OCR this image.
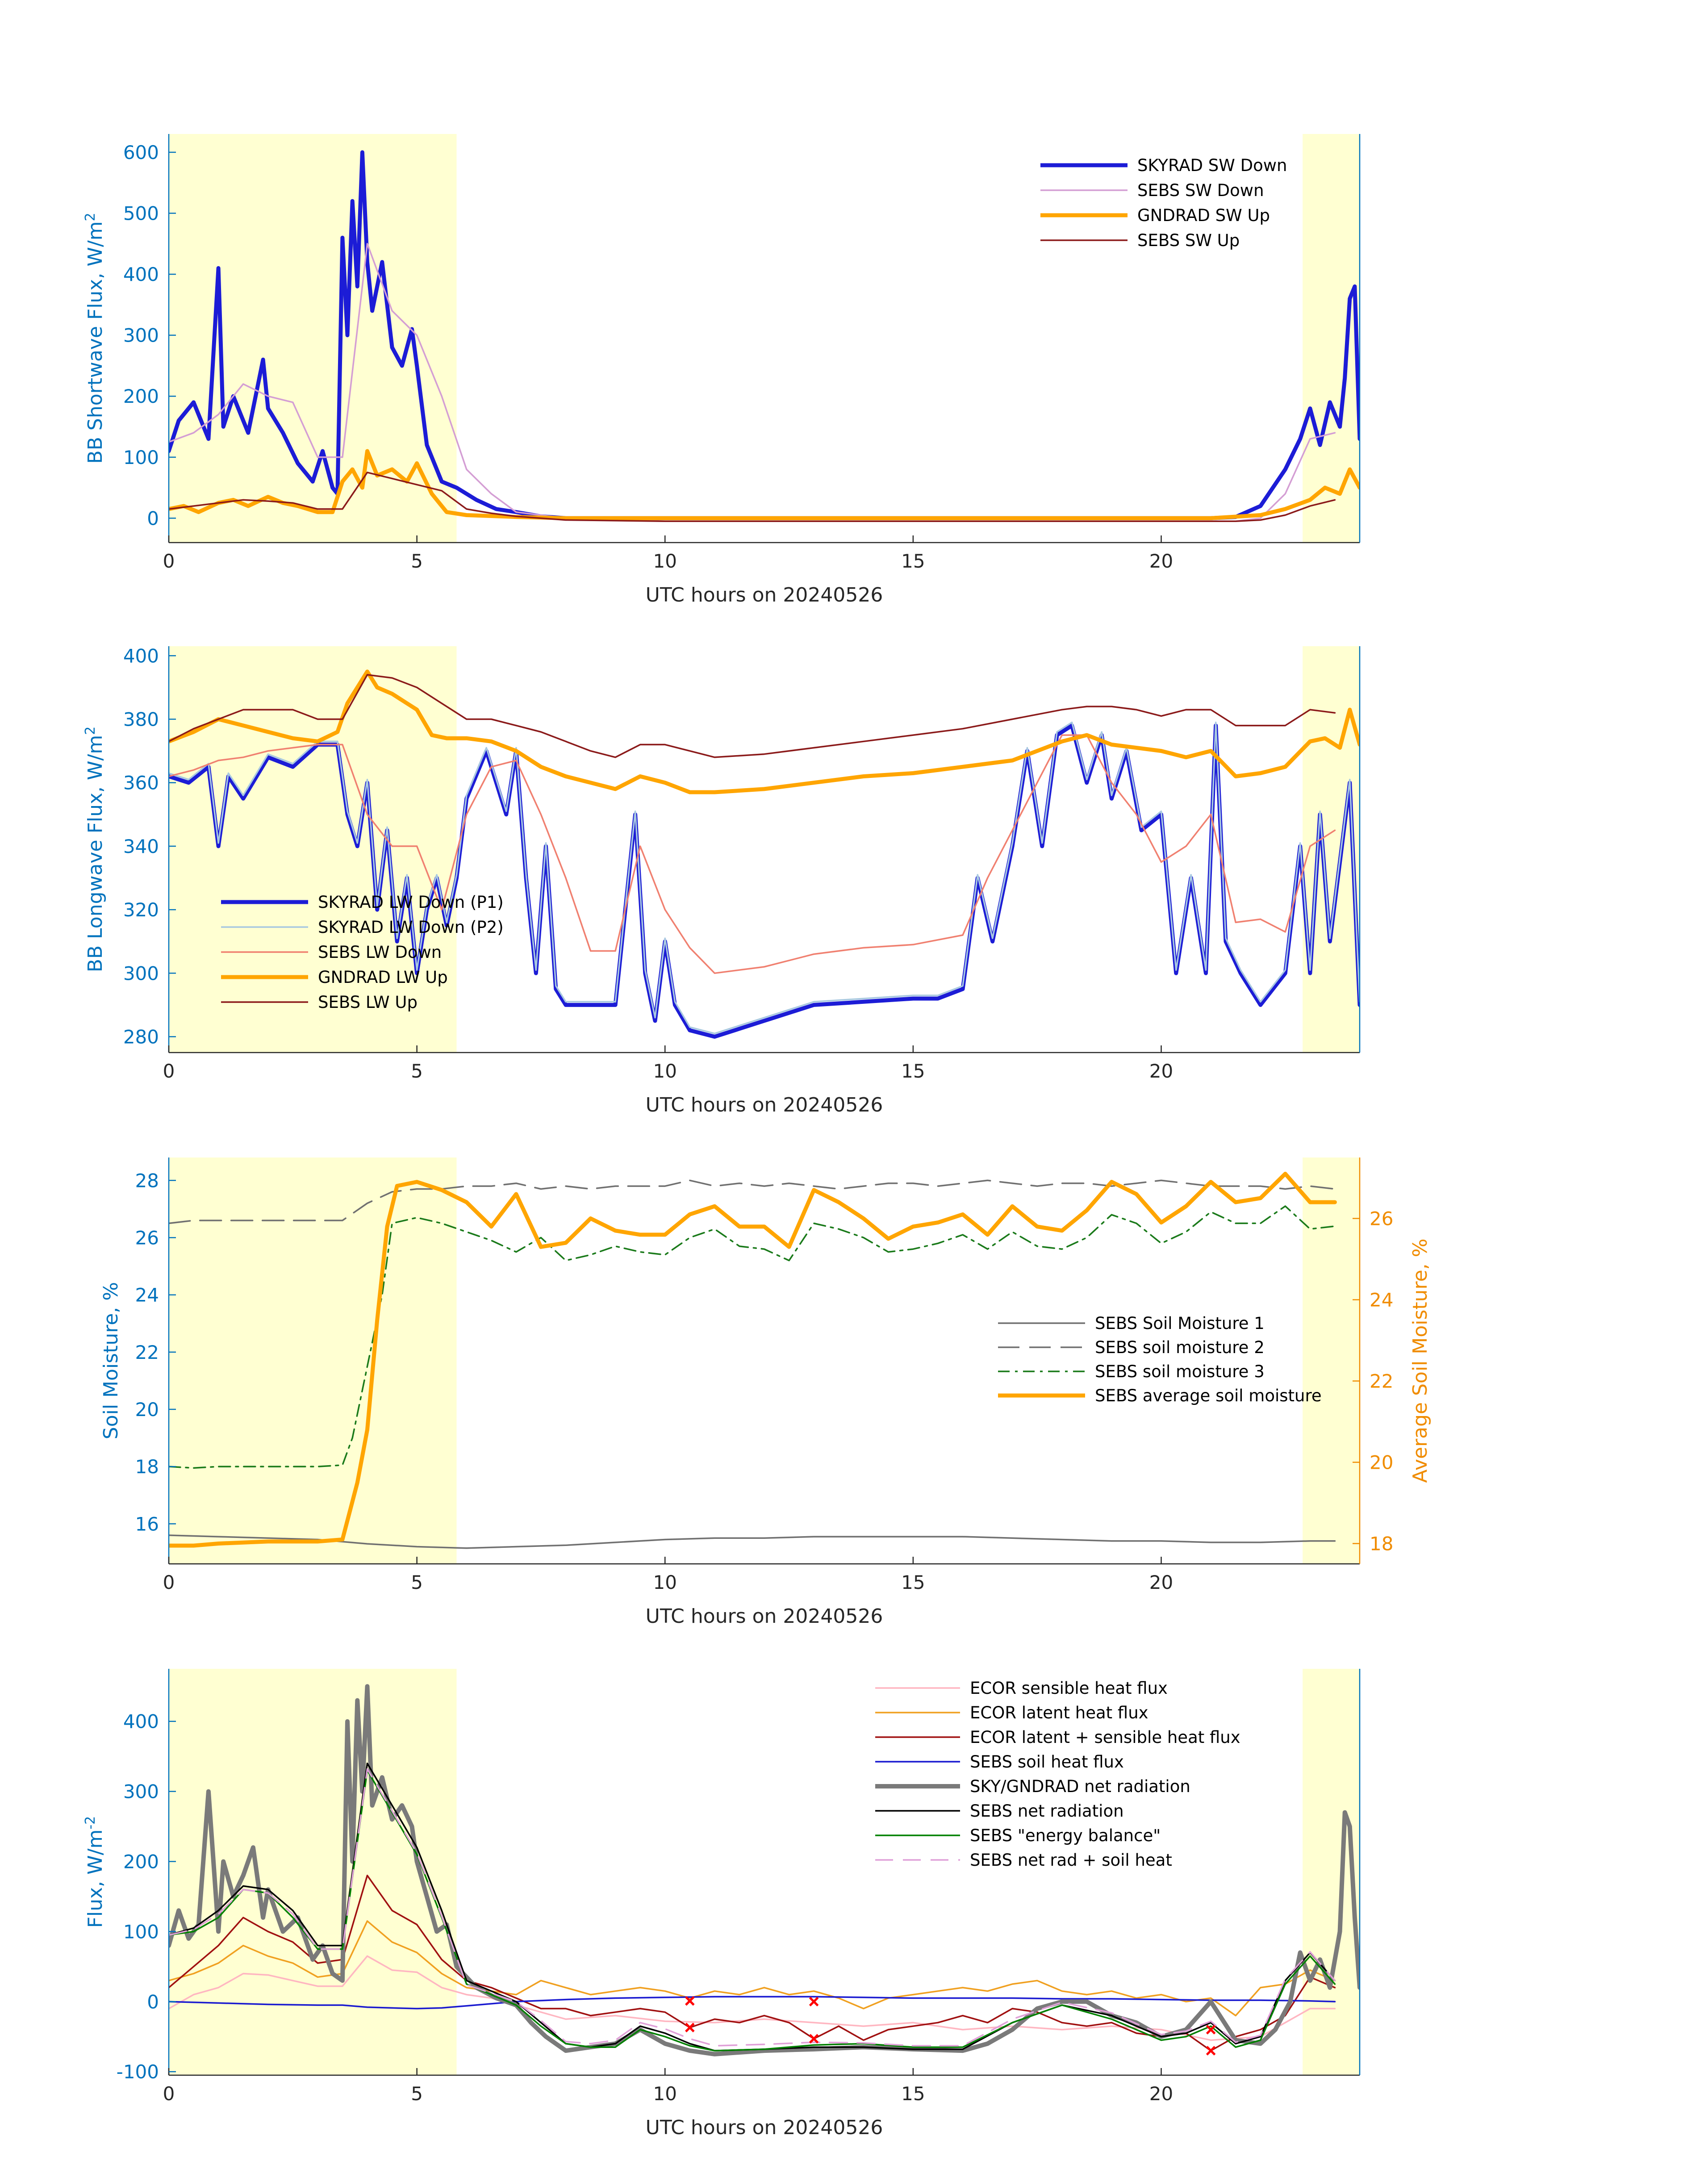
0	5	10	15	20
0
100
200
300
400
500
600
UTC hours on 20240526
BB Shortwave Flux, $W/m^2$
SKYRAD SW Down
SEBS SW Down
GNDRAD SW Up
SEBS SW Up
0	5	10	15	20
280
300
320
340
360
380
400
UTC hours on 20240526
BB Longwave Flux, $W/m^2$
SKYRAD LW Down (P1)
SKYRAD LW Down (P2)
SEBS LW Down
GNDRAD LW Up
SEBS LW Up
0	5	10	15	20
16
18
20
22
24
26
28
18
20
22
24
26
UTC hours on 20240526
Soil Moisture, %	Average Soil Moisture, %
SEBS Soil Moisture 1
SEBS soil moisture 2
SEBS soil moisture 3
SEBS average soil moisture
0	5	10	15	20
-100
0
100
200
300
400
UTC hours on 20240526
Flux, $W/m^{-2}$
ECOR sensible heat flux
ECOR latent heat flux
ECOR latent + sensible heat flux
SEBS soil heat flux
SKY/GNDRAD net radiation
SEBS net radiation
SEBS "energy balance"
SEBS net rad + soil heat
